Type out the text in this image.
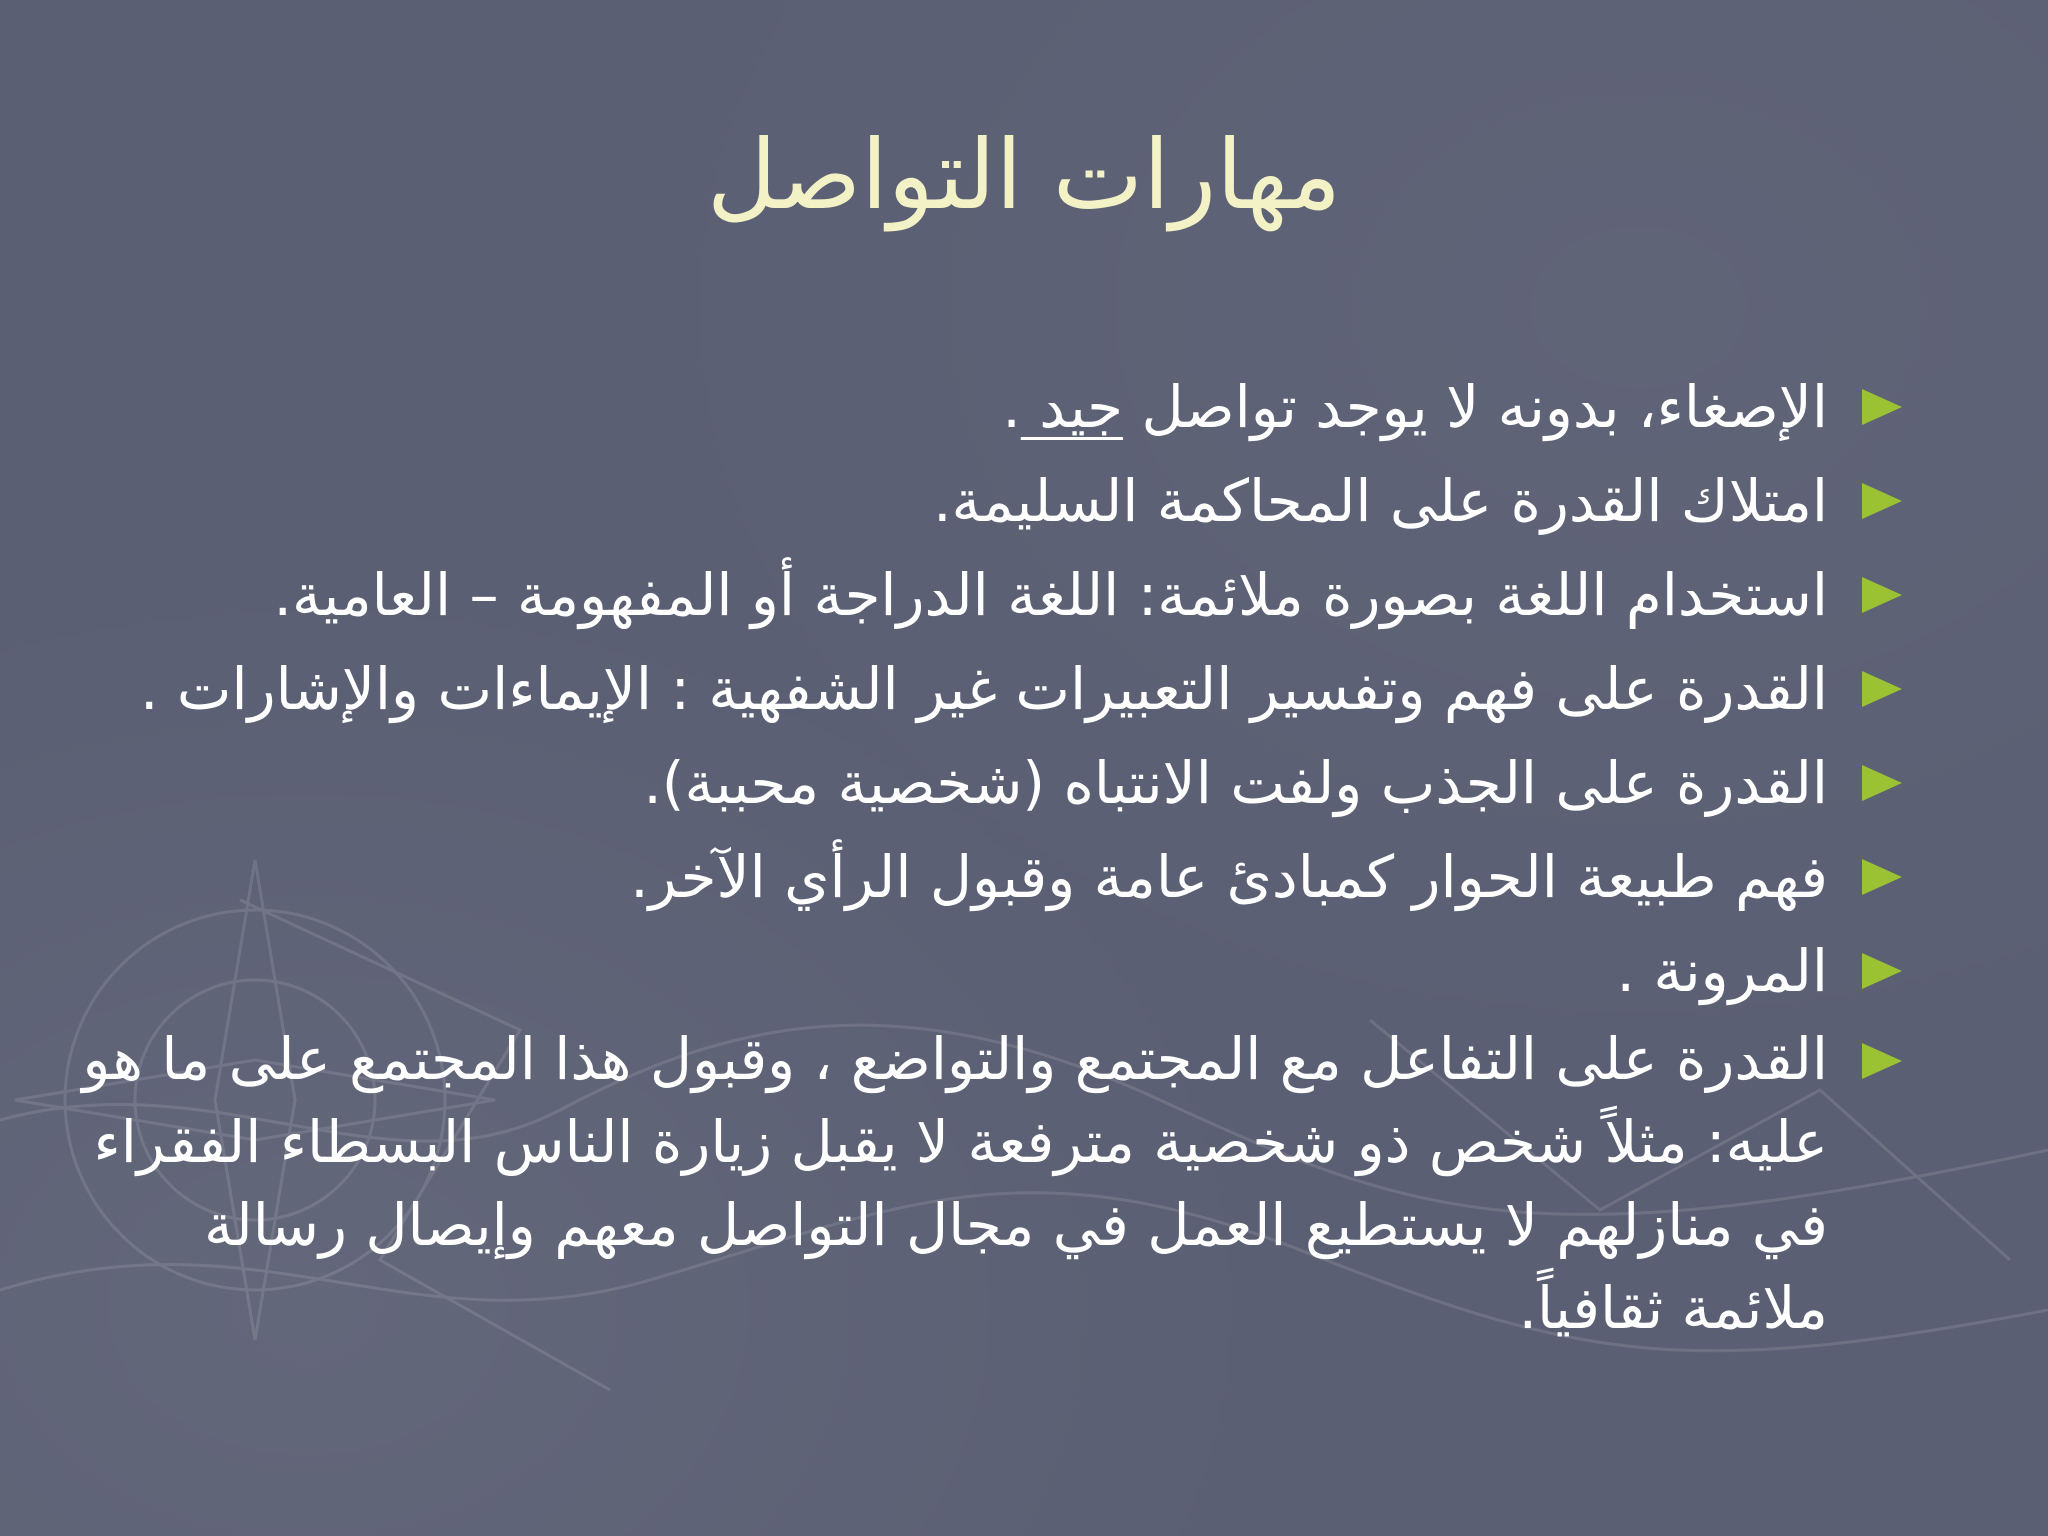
مهارات التواصل
الإصغاء، بدونه لا يوجد تواصل جيد .
امتلاك القدرة على المحاكمة السليمة.
استخدام اللغة بصورة ملائمة: اللغة الدراجة أو المفهومة – العامية.
القدرة على فهم وتفسير التعبيرات غير الشفهية : الإيماءات والإشارات .
القدرة على الجذب ولفت الانتباه (شخصية محببة).
فهم طبيعة الحوار كمبادئ عامة وقبول الرأي الآخر.
المرونة .
القدرة على التفاعل مع المجتمع والتواضع ، وقبول هذا المجتمع على ما هو عليه: مثلاً شخص ذو شخصية مترفعة لا يقبل زيارة الناس البسطاء الفقراء في منازلهم لا يستطيع العمل في مجال التواصل معهم وإيصال رسالة ملائمة ثقافياً.
